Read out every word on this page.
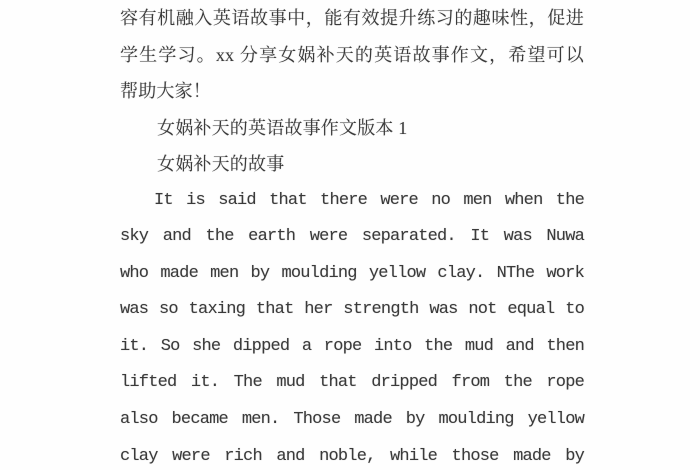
容有机融入英语故事中，能有效提升练习的趣味性，促进
学生学习。xx 分享女娲补天的英语故事作文，希望可以
帮助大家！
女娲补天的英语故事作文版本 1
女娲补天的故事
It is said that there were no men when the
sky and the earth were separated. It was Nuwa
who made men by moulding yellow clay. NThe work
was so taxing that her strength was not equal to
it. So she dipped a rope into the mud and then
lifted it. The mud that dripped from the rope
also became men. Those made by moulding yellow
clay were rich and noble, while those made by
